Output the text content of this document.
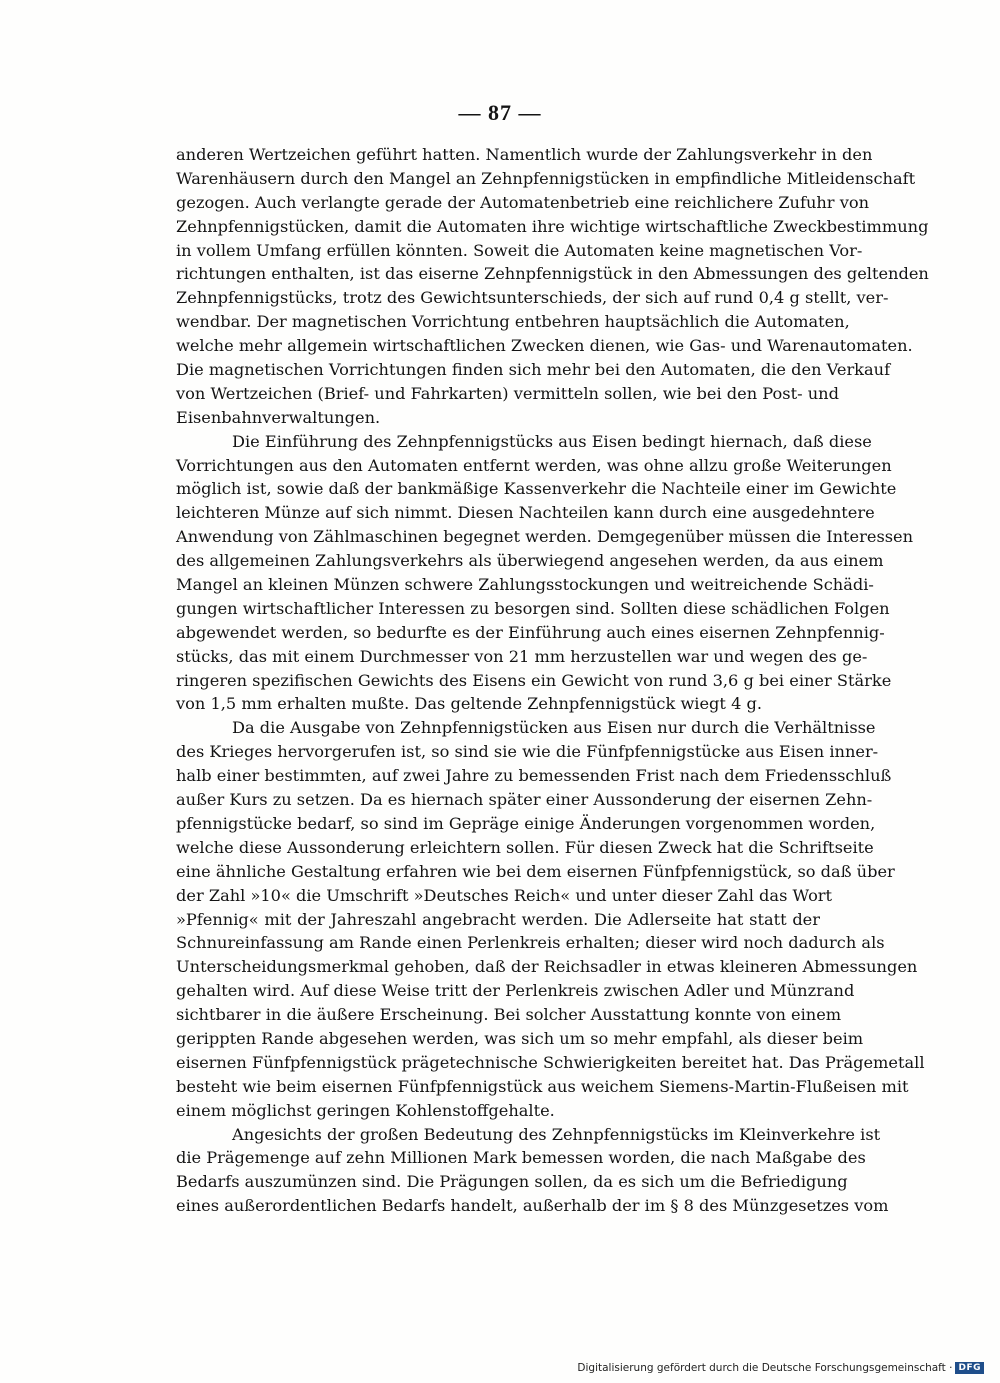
— 87 —
anderen Wertzeichen geführt hatten. Namentlich wurde der Zahlungsverkehr in den
Warenhäusern durch den Mangel an Zehnpfennigstücken in empfindliche Mitleidenschaft
gezogen. Auch verlangte gerade der Automatenbetrieb eine reichlichere Zufuhr von
Zehnpfennigstücken, damit die Automaten ihre wichtige wirtschaftliche Zweckbestimmung
in vollem Umfang erfüllen könnten. Soweit die Automaten keine magnetischen Vor-
richtungen enthalten, ist das eiserne Zehnpfennigstück in den Abmessungen des geltenden
Zehnpfennigstücks, trotz des Gewichtsunterschieds, der sich auf rund 0,4 g stellt, ver-
wendbar. Der magnetischen Vorrichtung entbehren hauptsächlich die Automaten,
welche mehr allgemein wirtschaftlichen Zwecken dienen, wie Gas- und Warenautomaten.
Die magnetischen Vorrichtungen finden sich mehr bei den Automaten, die den Verkauf
von Wertzeichen (Brief- und Fahrkarten) vermitteln sollen, wie bei den Post- und
Eisenbahnverwaltungen.
Die Einführung des Zehnpfennigstücks aus Eisen bedingt hiernach, daß diese
Vorrichtungen aus den Automaten entfernt werden, was ohne allzu große Weiterungen
möglich ist, sowie daß der bankmäßige Kassenverkehr die Nachteile einer im Gewichte
leichteren Münze auf sich nimmt. Diesen Nachteilen kann durch eine ausgedehntere
Anwendung von Zählmaschinen begegnet werden. Demgegenüber müssen die Interessen
des allgemeinen Zahlungsverkehrs als überwiegend angesehen werden, da aus einem
Mangel an kleinen Münzen schwere Zahlungsstockungen und weitreichende Schädi-
gungen wirtschaftlicher Interessen zu besorgen sind. Sollten diese schädlichen Folgen
abgewendet werden, so bedurfte es der Einführung auch eines eisernen Zehnpfennig-
stücks, das mit einem Durchmesser von 21 mm herzustellen war und wegen des ge-
ringeren spezifischen Gewichts des Eisens ein Gewicht von rund 3,6 g bei einer Stärke
von 1,5 mm erhalten mußte. Das geltende Zehnpfennigstück wiegt 4 g.
Da die Ausgabe von Zehnpfennigstücken aus Eisen nur durch die Verhältnisse
des Krieges hervorgerufen ist, so sind sie wie die Fünfpfennigstücke aus Eisen inner-
halb einer bestimmten, auf zwei Jahre zu bemessenden Frist nach dem Friedensschluß
außer Kurs zu setzen. Da es hiernach später einer Aussonderung der eisernen Zehn-
pfennigstücke bedarf, so sind im Gepräge einige Änderungen vorgenommen worden,
welche diese Aussonderung erleichtern sollen. Für diesen Zweck hat die Schriftseite
eine ähnliche Gestaltung erfahren wie bei dem eisernen Fünfpfennigstück, so daß über
der Zahl »10« die Umschrift »Deutsches Reich« und unter dieser Zahl das Wort
»Pfennig« mit der Jahreszahl angebracht werden. Die Adlerseite hat statt der
Schnureinfassung am Rande einen Perlenkreis erhalten; dieser wird noch dadurch als
Unterscheidungsmerkmal gehoben, daß der Reichsadler in etwas kleineren Abmessungen
gehalten wird. Auf diese Weise tritt der Perlenkreis zwischen Adler und Münzrand
sichtbarer in die äußere Erscheinung. Bei solcher Ausstattung konnte von einem
gerippten Rande abgesehen werden, was sich um so mehr empfahl, als dieser beim
eisernen Fünfpfennigstück prägetechnische Schwierigkeiten bereitet hat. Das Prägemetall
besteht wie beim eisernen Fünfpfennigstück aus weichem Siemens-Martin-Flußeisen mit
einem möglichst geringen Kohlenstoffgehalte.
Angesichts der großen Bedeutung des Zehnpfennigstücks im Kleinverkehre ist
die Prägemenge auf zehn Millionen Mark bemessen worden, die nach Maßgabe des
Bedarfs auszumünzen sind. Die Prägungen sollen, da es sich um die Befriedigung
eines außerordentlichen Bedarfs handelt, außerhalb der im § 8 des Münzgesetzes vom
Digitalisierung gefördert durch die Deutsche Forschungsgemeinschaft · DFG
